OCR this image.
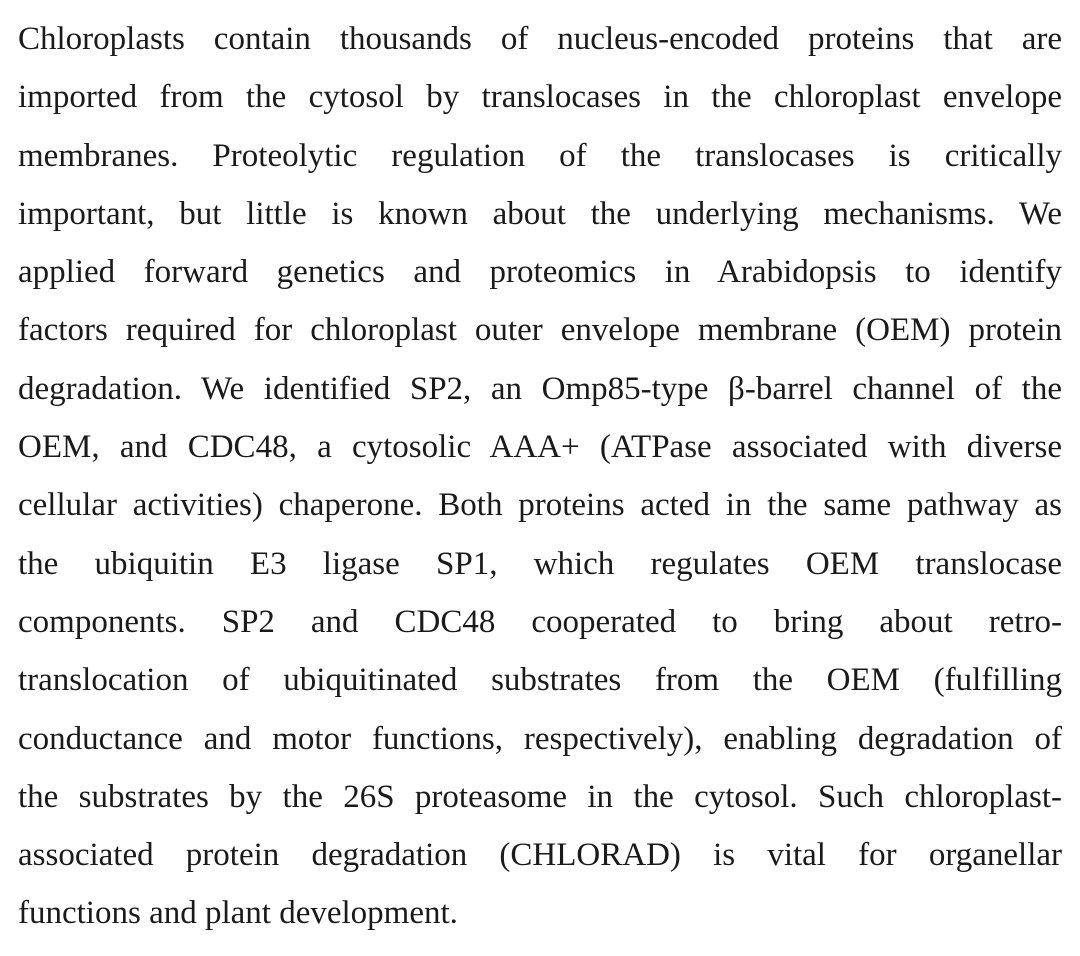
Chloroplasts contain thousands of nucleus-encoded proteins that are
imported from the cytosol by translocases in the chloroplast envelope
membranes. Proteolytic regulation of the translocases is critically
important, but little is known about the underlying mechanisms. We
applied forward genetics and proteomics in Arabidopsis to identify
factors required for chloroplast outer envelope membrane (OEM) protein
degradation. We identified SP2, an Omp85-type β-barrel channel of the
OEM, and CDC48, a cytosolic AAA+ (ATPase associated with diverse
cellular activities) chaperone. Both proteins acted in the same pathway as
the ubiquitin E3 ligase SP1, which regulates OEM translocase
components. SP2 and CDC48 cooperated to bring about retro-
translocation of ubiquitinated substrates from the OEM (fulfilling
conductance and motor functions, respectively), enabling degradation of
the substrates by the 26S proteasome in the cytosol. Such chloroplast-
associated protein degradation (CHLORAD) is vital for organellar
functions and plant development.
